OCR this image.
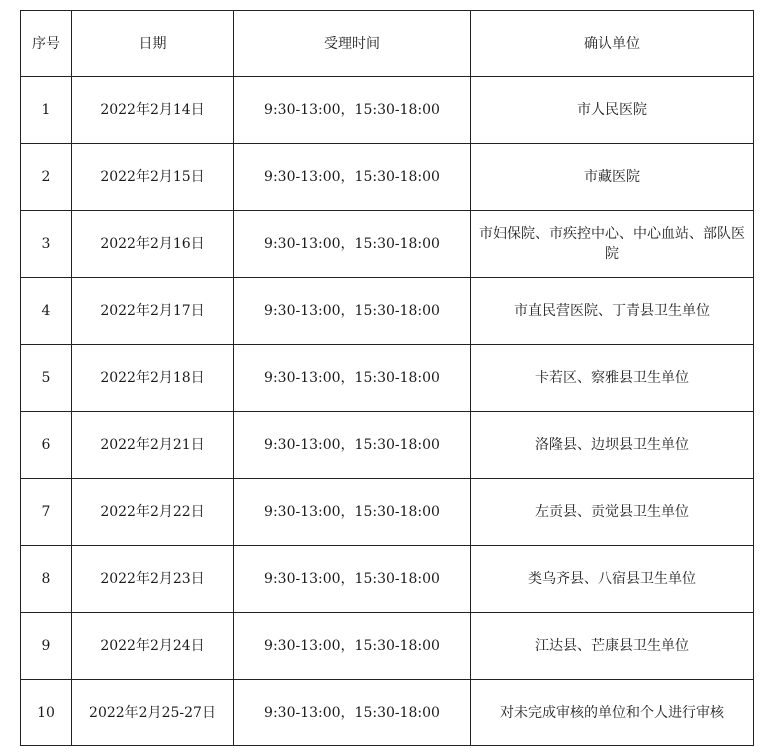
序号	日期	受理时间	确认单位
1	2022年2月14日	9:30-13:00，15:30-18:00	市人民医院
2	2022年2月15日	9:30-13:00，15:30-18:00	市藏医院
3	2022年2月16日	9:30-13:00，15:30-18:00	市妇保院、市疾控中心、中心血站、部队医院
4	2022年2月17日	9:30-13:00，15:30-18:00	市直民营医院、丁青县卫生单位
5	2022年2月18日	9:30-13:00，15:30-18:00	卡若区、察雅县卫生单位
6	2022年2月21日	9:30-13:00，15:30-18:00	洛隆县、边坝县卫生单位
7	2022年2月22日	9:30-13:00，15:30-18:00	左贡县、贡觉县卫生单位
8	2022年2月23日	9:30-13:00，15:30-18:00	类乌齐县、八宿县卫生单位
9	2022年2月24日	9:30-13:00，15:30-18:00	江达县、芒康县卫生单位
10	2022年2月25-27日	9:30-13:00，15:30-18:00	对未完成审核的单位和个人进行审核
